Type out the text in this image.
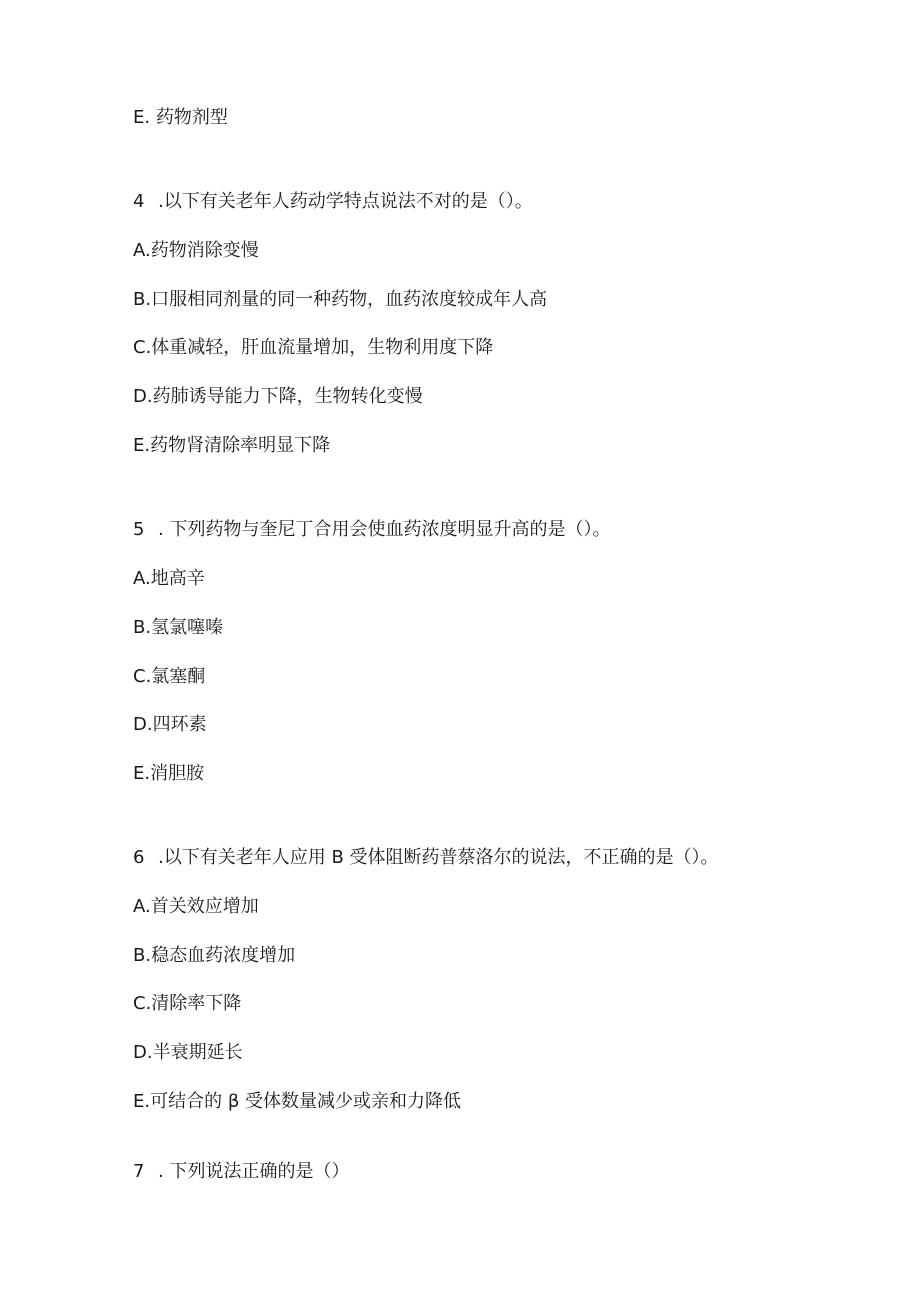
E. 药物剂型
4 .以下有关老年人药动学特点说法不对的是（）。
A.药物消除变慢
B.口服相同剂量的同一种药物，血药浓度较成年人高
C.体重减轻，肝血流量增加，生物利用度下降
D.药肺诱导能力下降，生物转化变慢
E.药物肾清除率明显下降
5 . 下列药物与奎尼丁合用会使血药浓度明显升高的是（）。
A.地高辛
B.氢氯噻嗪
C.氯塞酮
D.四环素
E.消胆胺
6 .以下有关老年人应用 B 受体阻断药普蔡洛尔的说法，不正确的是（）。
A.首关效应增加
B.稳态血药浓度增加
C.清除率下降
D.半衰期延长
E.可结合的 β 受体数量减少或亲和力降低
7 . 下列说法正确的是（）
